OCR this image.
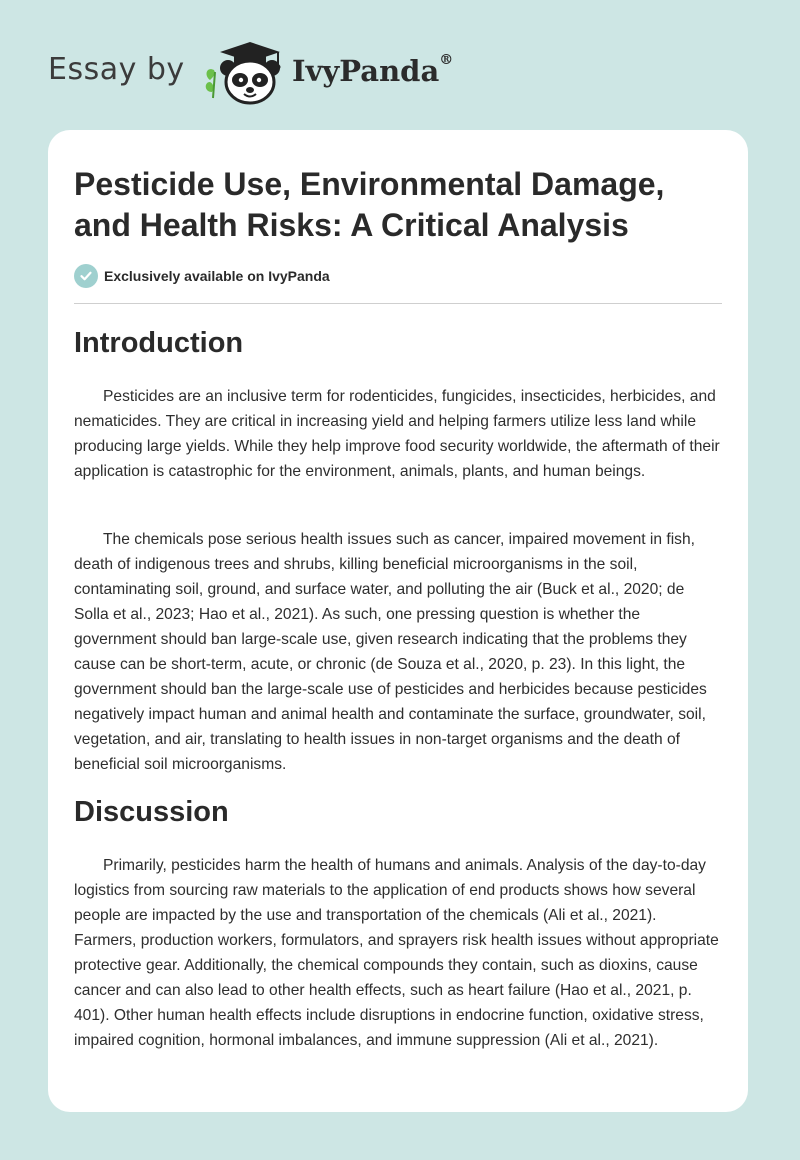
Essay by	IvyPanda®
Pesticide Use, Environmental Damage, and Health Risks: A Critical Analysis
Exclusively available on IvyPanda
Introduction

Pesticides are an inclusive term for rodenticides, fungicides, insecticides, herbicides, and nematicides. They are critical in increasing yield and helping farmers utilize less land while producing large yields. While they help improve food security worldwide, the aftermath of their application is catastrophic for the environment, animals, plants, and human beings.

The chemicals pose serious health issues such as cancer, impaired movement in fish, death of indigenous trees and shrubs, killing beneficial microorganisms in the soil, contaminating soil, ground, and surface water, and polluting the air (Buck et al., 2020; de Solla et al., 2023; Hao et al., 2021). As such, one pressing question is whether the government should ban large-scale use, given research indicating that the problems they cause can be short-term, acute, or chronic (de Souza et al., 2020, p. 23). In this light, the government should ban the large-scale use of pesticides and herbicides because pesticides negatively impact human and animal health and contaminate the surface, groundwater, soil, vegetation, and air, translating to health issues in non-target organisms and the death of beneficial soil microorganisms.

Discussion

Primarily, pesticides harm the health of humans and animals. Analysis of the day-to-day logistics from sourcing raw materials to the application of end products shows how several people are impacted by the use and transportation of the chemicals (Ali et al., 2021). Farmers, production workers, formulators, and sprayers risk health issues without appropriate protective gear. Additionally, the chemical compounds they contain, such as dioxins, cause cancer and can also lead to other health effects, such as heart failure (Hao et al., 2021, p. 401). Other human health effects include disruptions in endocrine function, oxidative stress, impaired cognition, hormonal imbalances, and immune suppression (Ali et al., 2021).
